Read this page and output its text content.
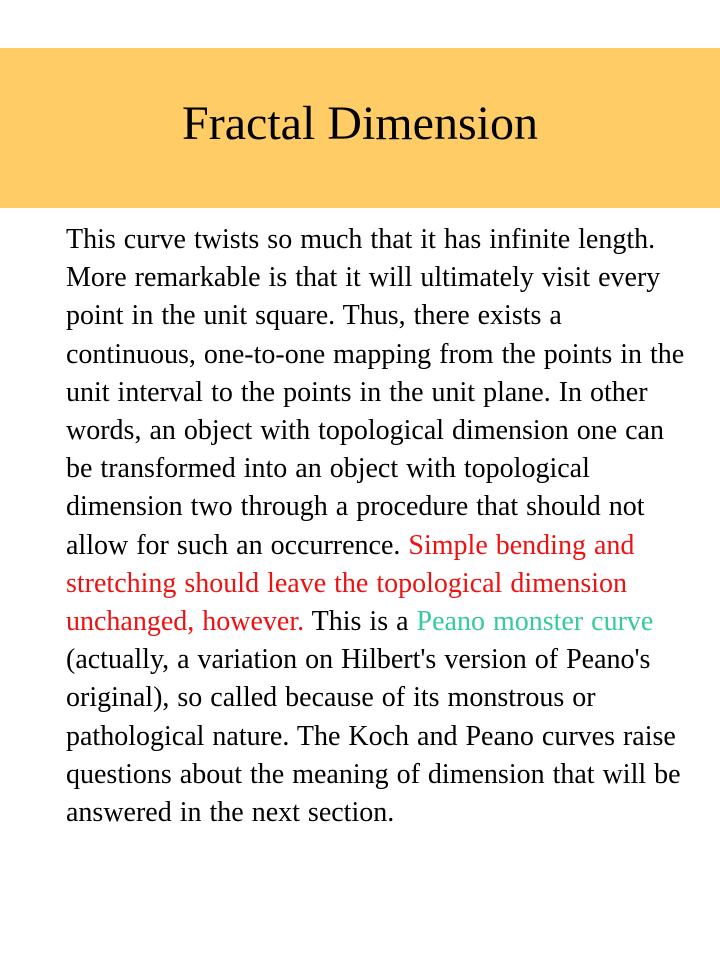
Fractal Dimension

This curve twists so much that it has infinite length. More remarkable is that it will ultimately visit every point in the unit square. Thus, there exists a continuous, one-to-one mapping from the points in the unit interval to the points in the unit plane. In other words, an object with topological dimension one can be transformed into an object with topological dimension two through a procedure that should not allow for such an occurrence. Simple bending and stretching should leave the topological dimension unchanged, however. This is a Peano monster curve (actually, a variation on Hilbert's version of Peano's original), so called because of its monstrous or pathological nature. The Koch and Peano curves raise questions about the meaning of dimension that will be answered in the next section.
